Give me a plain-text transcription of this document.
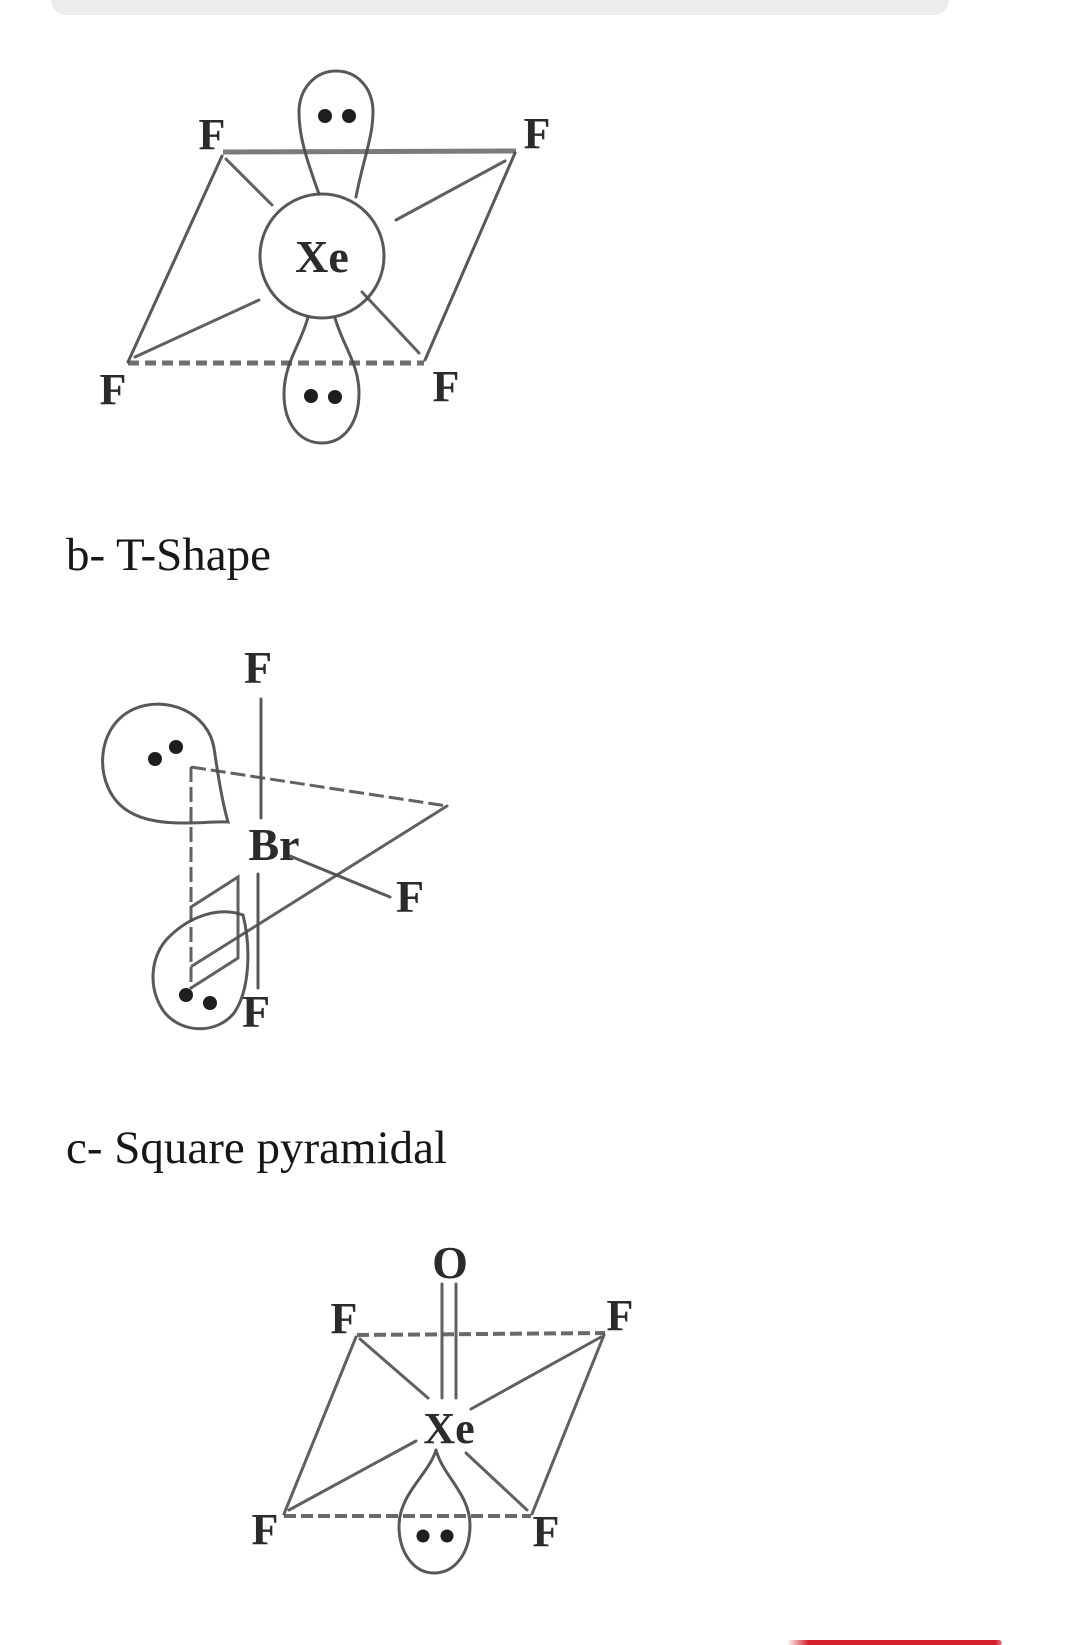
F	F
F	F
Xe
b- T-Shape
F
Br
F
F
c- Square pyramidal
O
F	F
F	F
Xe
